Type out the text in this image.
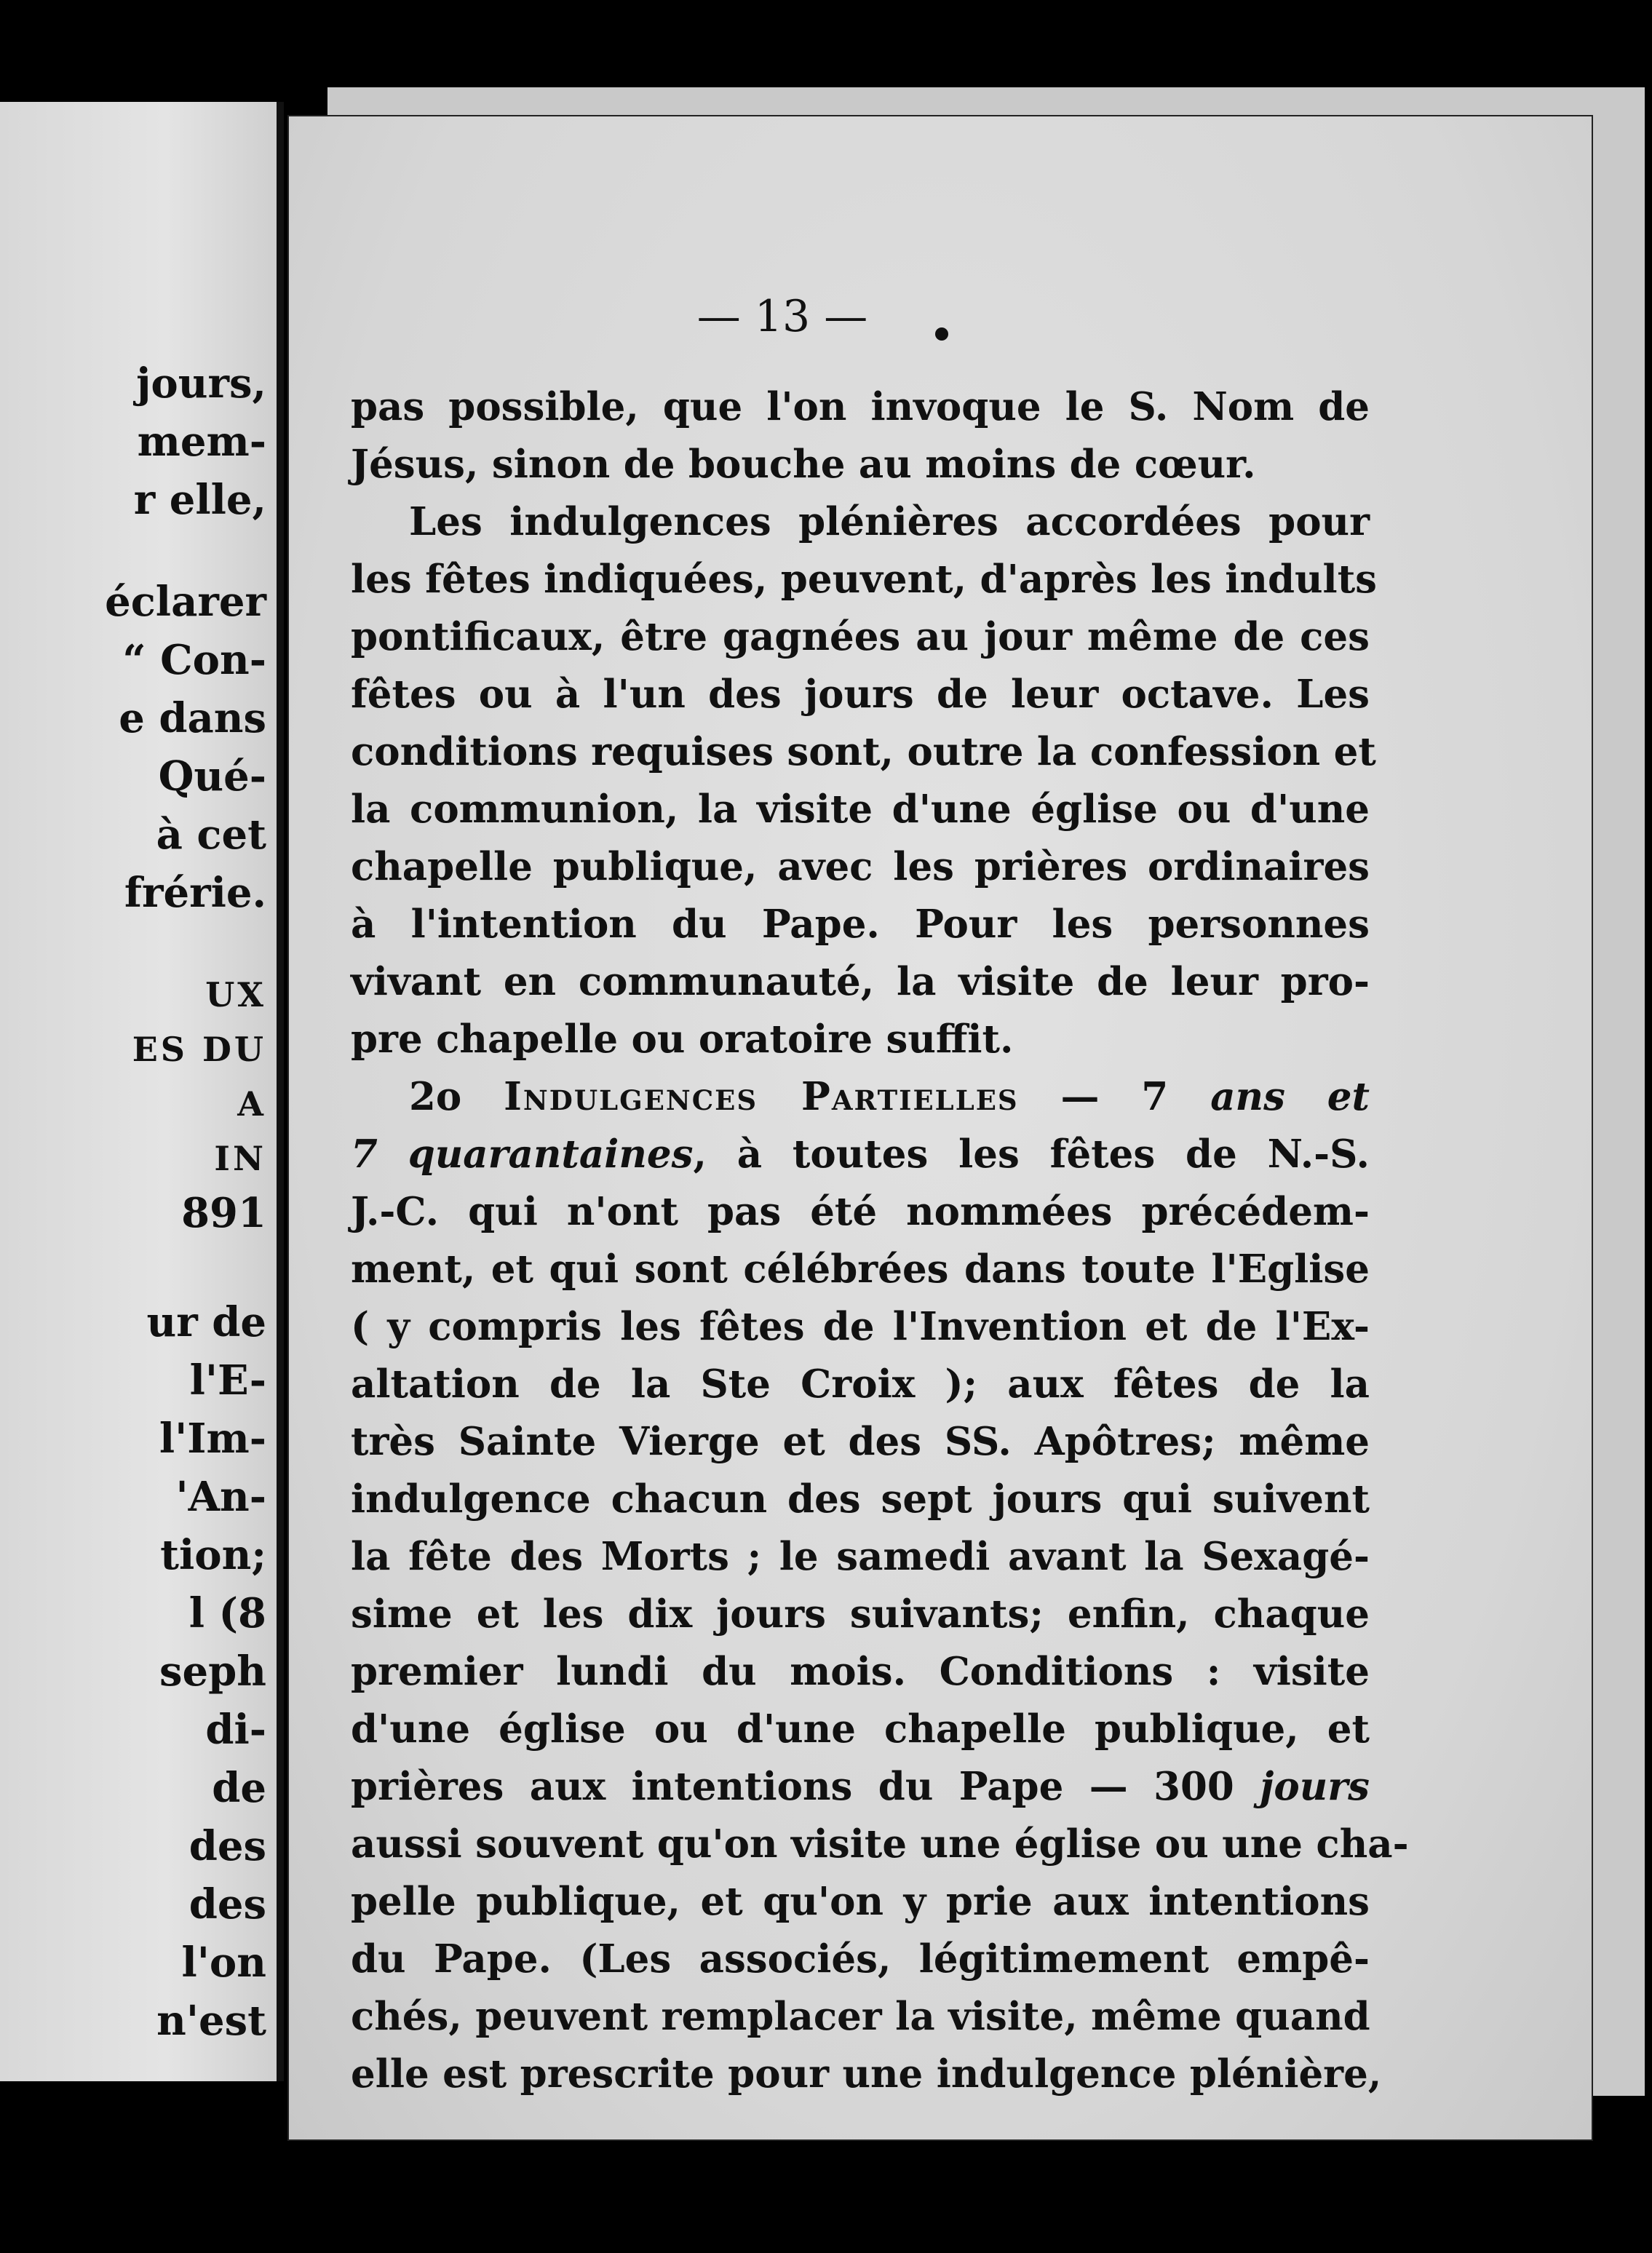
jours,
mem-
r elle,
éclarer
“ Con-
e dans
Qué-
à cet
frérie.
UX
ES DU
A
IN
891
ur de
l'E-
l'Im-
'An-
tion;
l (8
seph
di-
de
des
des
l'on
n'est
— 13 —
pas possible, que l'on invoque le S. Nom de
Jésus, sinon de bouche au moins de cœur.
Les indulgences plénières accordées pour
les fêtes indiquées, peuvent, d'après les indults
pontificaux, être gagnées au jour même de ces
fêtes ou à l'un des jours de leur octave. Les
conditions requises sont, outre la confession et
la communion, la visite d'une église ou d'une
chapelle publique, avec les prières ordinaires
à l'intention du Pape. Pour les personnes
vivant en communauté, la visite de leur pro-
pre chapelle ou oratoire suffit.
2o Indulgences Partielles — 7 ans et
7 quarantaines, à toutes les fêtes de N.-S.
J.-C. qui n'ont pas été nommées précédem-
ment, et qui sont célébrées dans toute l'Eglise
( y compris les fêtes de l'Invention et de l'Ex-
altation de la Ste Croix ); aux fêtes de la
très Sainte Vierge et des SS. Apôtres; même
indulgence chacun des sept jours qui suivent
la fête des Morts ; le samedi avant la Sexagé-
sime et les dix jours suivants; enfin, chaque
premier lundi du mois. Conditions : visite
d'une église ou d'une chapelle publique, et
prières aux intentions du Pape — 300 jours
aussi souvent qu'on visite une église ou une cha-
pelle publique, et qu'on y prie aux intentions
du Pape. (Les associés, légitimement empê-
chés, peuvent remplacer la visite, même quand
elle est prescrite pour une indulgence plénière,
